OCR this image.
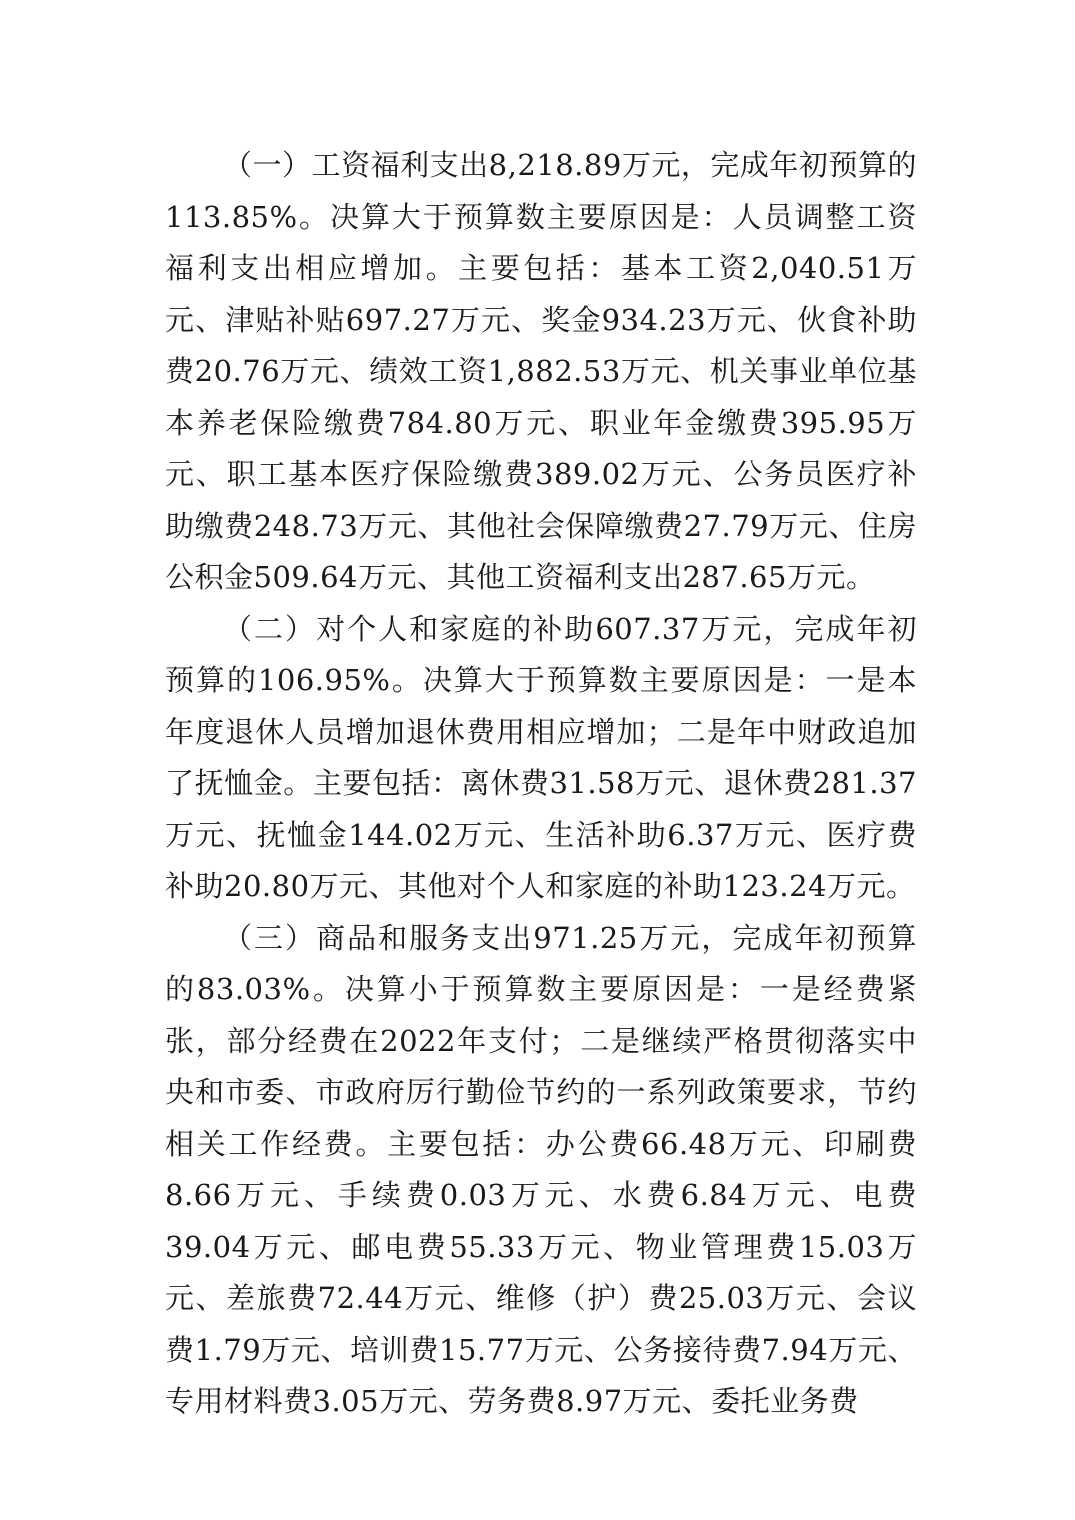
（一）工资福利支出8,218.89万元，完成年初预算的113.85%。决算大于预算数主要原因是：人员调整工资福利支出相应增加。主要包括：基本工资2,040.51万元、津贴补贴697.27万元、奖金934.23万元、伙食补助费20.76万元、绩效工资1,882.53万元、机关事业单位基本养老保险缴费784.80万元、职业年金缴费395.95万元、职工基本医疗保险缴费389.02万元、公务员医疗补助缴费248.73万元、其他社会保障缴费27.79万元、住房公积金509.64万元、其他工资福利支出287.65万元。

（二）对个人和家庭的补助607.37万元，完成年初预算的106.95%。决算大于预算数主要原因是：一是本年度退休人员增加退休费用相应增加；二是年中财政追加了抚恤金。主要包括：离休费31.58万元、退休费281.37万元、抚恤金144.02万元、生活补助6.37万元、医疗费补助20.80万元、其他对个人和家庭的补助123.24万元。

（三）商品和服务支出971.25万元，完成年初预算的83.03%。决算小于预算数主要原因是：一是经费紧张，部分经费在2022年支付；二是继续严格贯彻落实中央和市委、市政府厉行勤俭节约的一系列政策要求，节约相关工作经费。主要包括：办公费66.48万元、印刷费8.66万元、手续费0.03万元、水费6.84万元、电费39.04万元、邮电费55.33万元、物业管理费15.03万元、差旅费72.44万元、维修（护）费25.03万元、会议费1.79万元、培训费15.77万元、公务接待费7.94万元、专用材料费3.05万元、劳务费8.97万元、委托业务费
